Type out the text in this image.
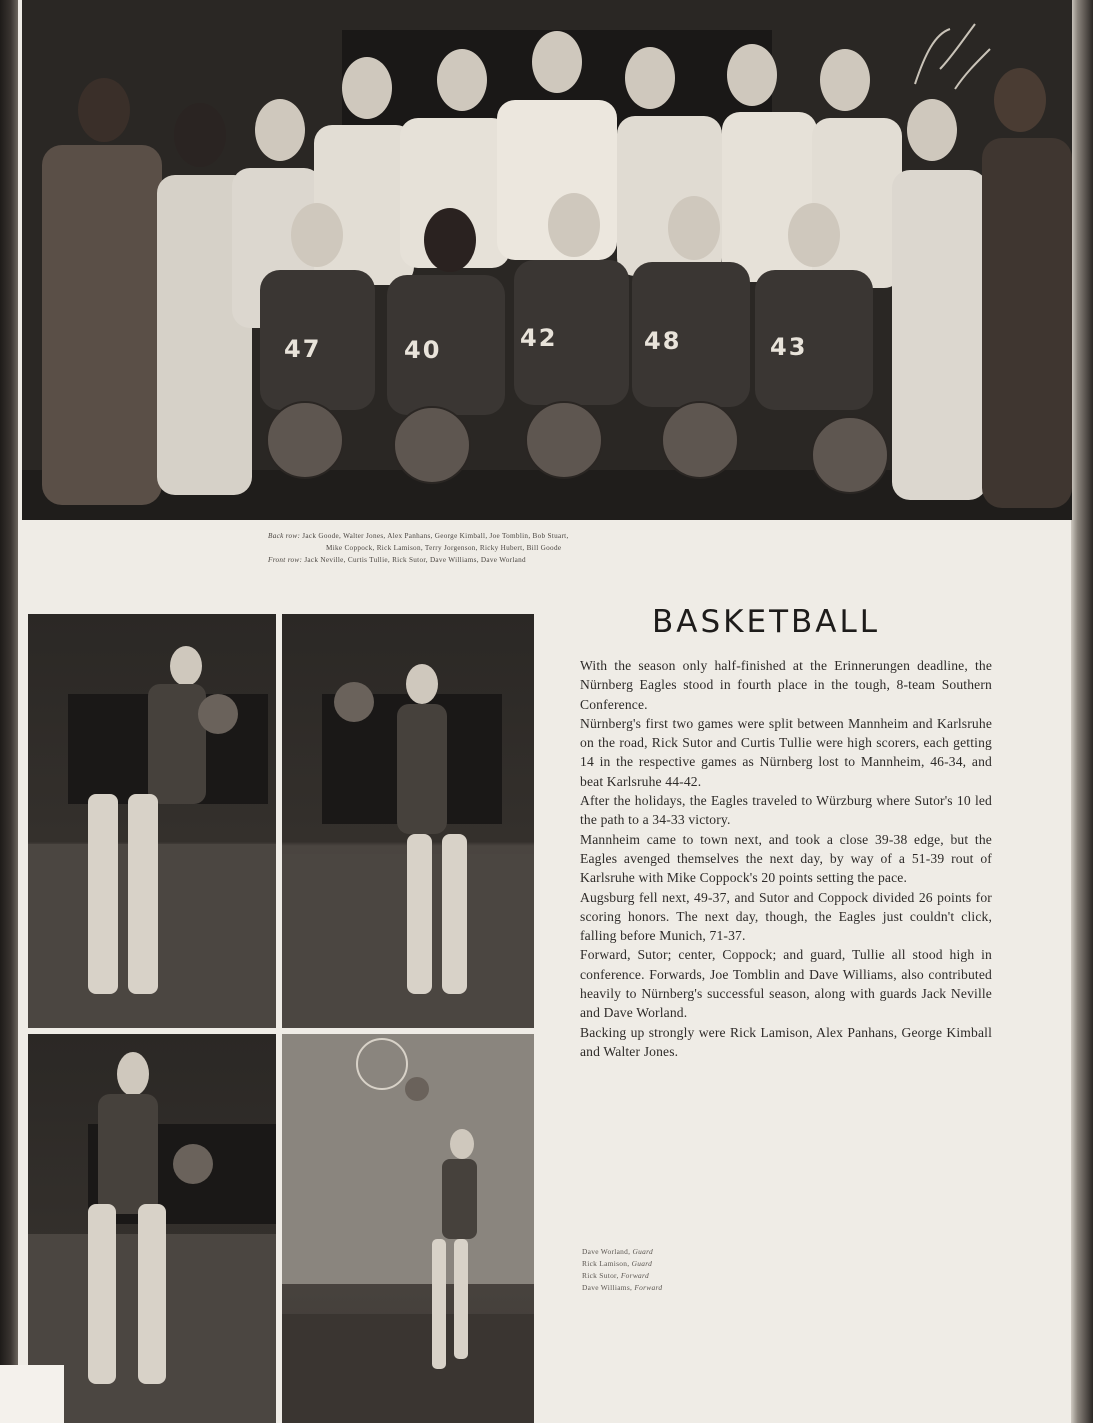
47	40	42	48	43
Back row: Jack Goode, Walter Jones, Alex Panhans, George Kimball, Joe Tomblin, Bob Stuart,
Mike Coppock, Rick Lamison, Terry Jorgenson, Ricky Hubert, Bill Goode
Front row: Jack Neville, Curtis Tullie, Rick Sutor, Dave Williams, Dave Worland
BASKETBALL

With the season only half-finished at the Erinnerungen deadline, the Nürnberg Eagles stood in fourth place in the tough, 8-team Southern Conference.

Nürnberg's first two games were split between Mannheim and Karlsruhe on the road, Rick Sutor and Curtis Tullie were high scorers, each getting 14 in the respective games as Nürnberg lost to Mannheim, 46-34, and beat Karlsruhe 44-42.

After the holidays, the Eagles traveled to Würzburg where Sutor's 10 led the path to a 34-33 victory.

Mannheim came to town next, and took a close 39-38 edge, but the Eagles avenged themselves the next day, by way of a 51-39 rout of Karlsruhe with Mike Coppock's 20 points setting the pace.

Augsburg fell next, 49-37, and Sutor and Coppock divided 26 points for scoring honors. The next day, though, the Eagles just couldn't click, falling before Munich, 71-37.

Forward, Sutor; center, Coppock; and guard, Tullie all stood high in conference. Forwards, Joe Tomblin and Dave Williams, also contributed heavily to Nürnberg's successful season, along with guards Jack Neville and Dave Worland.

Backing up strongly were Rick Lamison, Alex Panhans, George Kimball and Walter Jones.

Dave Worland, Guard
Rick Lamison, Guard
Rick Sutor, Forward
Dave Williams, Forward
